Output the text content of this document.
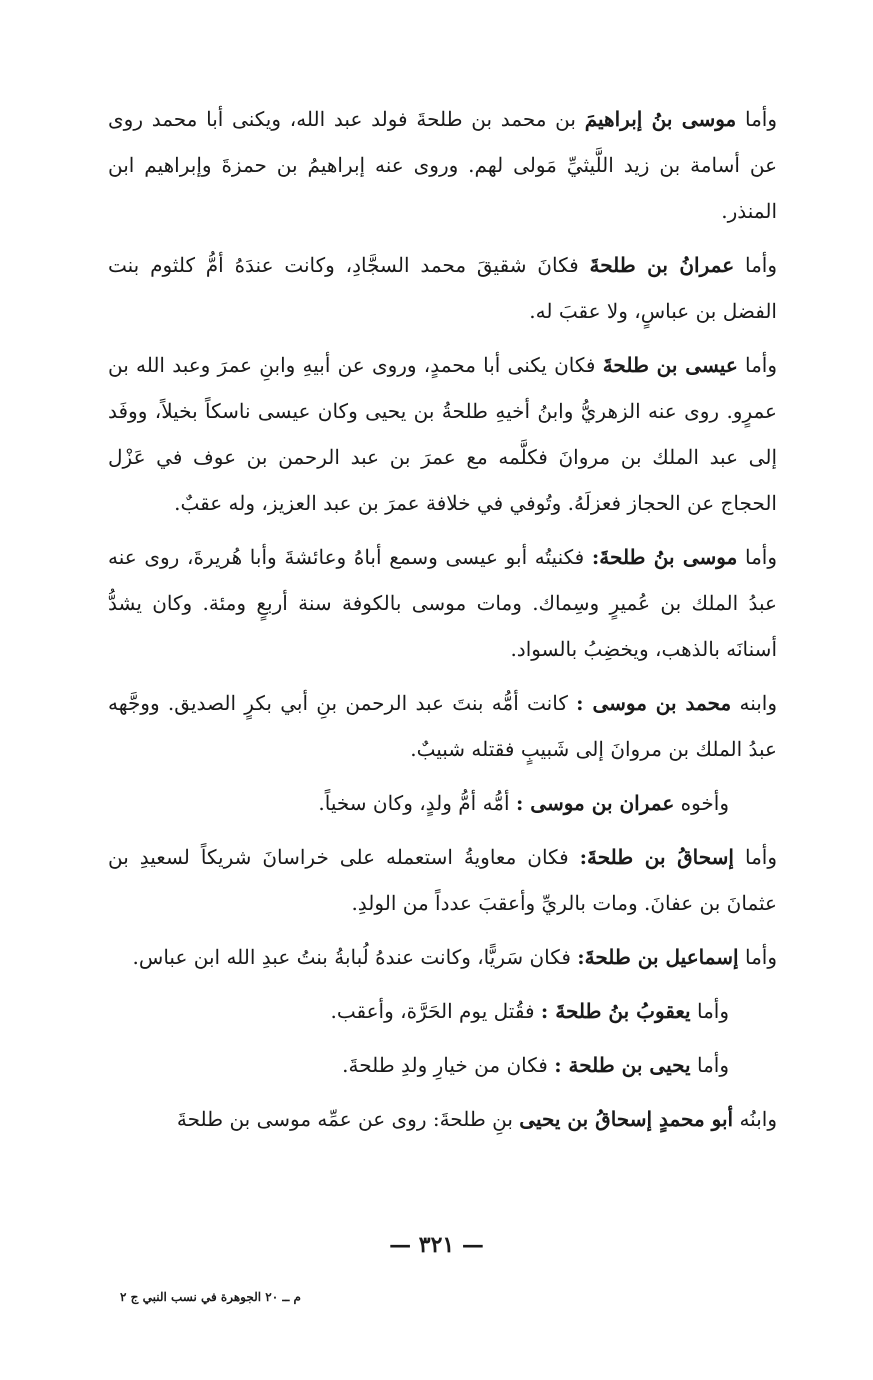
وأما موسى بنُ إبراهيمَ بن محمد بن طلحةَ فولد عبد الله، ويكنى أبا محمد روى عن أسامة بن زيد اللَّيثيِّ مَولى لهم. وروى عنه إبراهيمُ بن حمزةَ وإبراهيم ابن المنذر.

وأما عمرانُ بن طلحةَ فكانَ شقيقَ محمد السجَّادِ، وكانت عندَهُ أمُّ كلثوم بنت الفضل بن عباسٍ، ولا عقبَ له.

وأما عيسى بن طلحةَ فكان يكنى أبا محمدٍ، وروى عن أبيهِ وابنِ عمرَ وعبد الله بن عمرٍو. روى عنه الزهريُّ وابنُ أخيهِ طلحةُ بن يحيى وكان عيسى ناسكاً بخيلاً، ووفَد إلى عبد الملك بن مروانَ فكلَّمه مع عمرَ بن عبد الرحمن بن عوف في عَزْل الحجاج عن الحجاز فعزلَهُ. وتُوفي في خلافة عمرَ بن عبد العزيز، وله عقبٌ.

وأما موسى بنُ طلحةَ: فكنيتُه أبو عيسى وسمع أباهُ وعائشةَ وأبا هُريرةَ، روى عنه عبدُ الملك بن عُميرٍ وسِماك. ومات موسى بالكوفة سنة أربعٍ ومئة. وكان يشدُّ أسنانَه بالذهب، ويخضِبُ بالسواد.

وابنه محمد بن موسى : كانت أمُّه بنتَ عبد الرحمن بنِ أبي بكرٍ الصديق. ووجَّهه عبدُ الملك بن مروانَ إلى شَبيبٍ فقتله شبيبٌ.

وأخوه عمران بن موسى : أمُّه أمُّ ولدٍ، وكان سخياً.

وأما إسحاقُ بن طلحةَ: فكان معاويةُ استعمله على خراسانَ شريكاً لسعيدِ بن عثمانَ بن عفانَ. ومات بالريِّ وأعقبَ عدداً من الولدِ.

وأما إسماعيل بن طلحةَ: فكان سَريًّا، وكانت عندهُ لُبابةُ بنتُ عبدِ الله ابن عباس.

وأما يعقوبُ بنُ طلحةَ : فقُتل يوم الحَرَّة، وأعقب.

وأما يحيى بن طلحة : فكان من خيارِ ولدِ طلحةَ.

وابنُه أبو محمدٍ إسحاقُ بن يحيى بنِ طلحةَ: روى عن عمِّه موسى بن طلحةَ

— ٣٢١ —
م ــ ٢٠ الجوهرة في نسب النبي ج ٢
